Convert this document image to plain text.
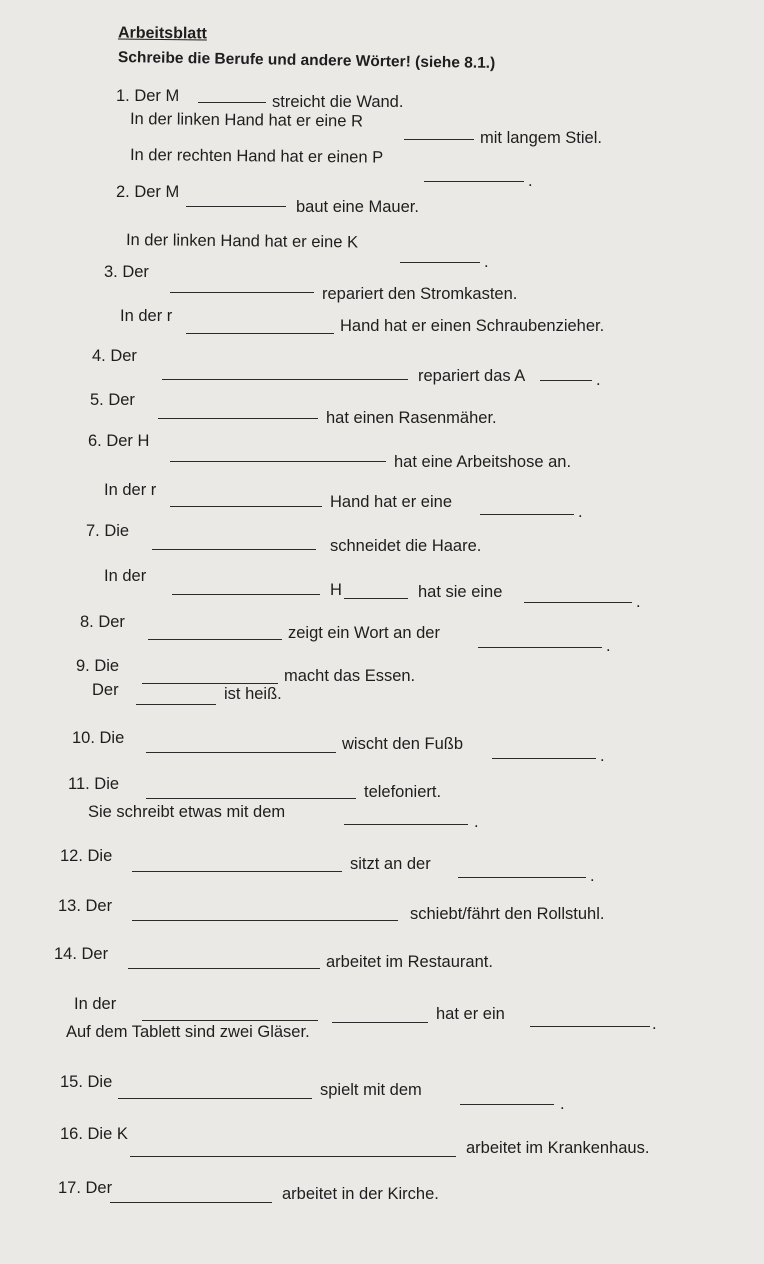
Arbeitsblatt
Schreibe die Berufe und andere Wörter! (siehe 8.1.)
1. Der M	streicht die Wand.
In der linken Hand hat er eine R
mit langem Stiel.
In der rechten Hand hat er einen P
.
2. Der M
baut eine Mauer.
In der linken Hand hat er eine K
.
3. Der
repariert den Stromkasten.
In der r
Hand hat er einen Schraubenzieher.
4. Der
repariert das A	.
5. Der
hat einen Rasenmäher.
6. Der H
hat eine Arbeitshose an.
In der r
Hand hat er eine
.
7. Die
schneidet die Haare.
In der
H	hat sie eine
.
8. Der
zeigt ein Wort an der
.
9. Die
macht das Essen.
Der	ist heiß.
10. Die	wischt den Fußb
.
11. Die	telefoniert.
Sie schreibt etwas mit dem
.
12. Die	sitzt an der
.
13. Der	schiebt/fährt den Rollstuhl.
14. Der	arbeitet im Restaurant.
In der
hat er ein
.
Auf dem Tablett sind zwei Gläser.
15. Die	spielt mit dem
.
16. Die K
arbeitet im Krankenhaus.
17. Der	arbeitet in der Kirche.
